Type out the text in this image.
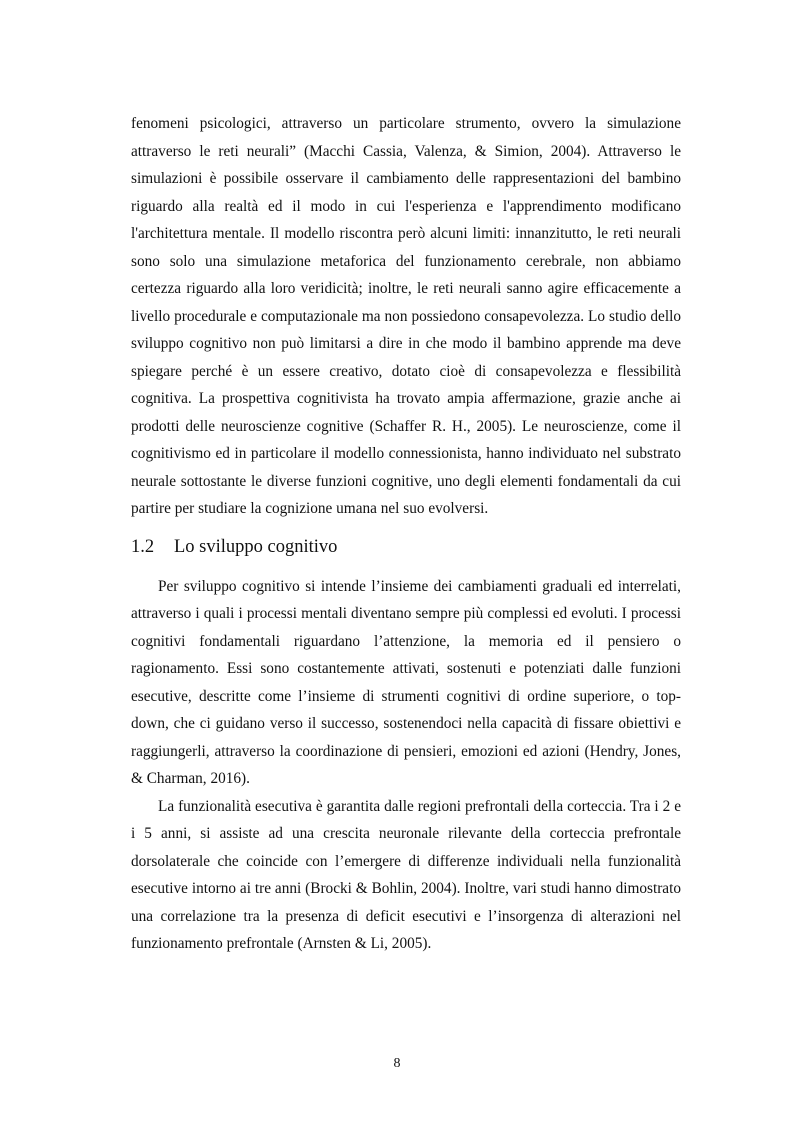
fenomeni psicologici, attraverso un particolare strumento, ovvero la simulazione attraverso le reti neurali” (Macchi Cassia, Valenza, & Simion, 2004). Attraverso le simulazioni è possibile osservare il cambiamento delle rappresentazioni del bambino riguardo alla realtà ed il modo in cui l'esperienza e l'apprendimento modificano l'architettura mentale. Il modello riscontra però alcuni limiti: innanzitutto, le reti neurali sono solo una simulazione metaforica del funzionamento cerebrale, non abbiamo certezza riguardo alla loro veridicità; inoltre, le reti neurali sanno agire efficacemente a livello procedurale e computazionale ma non possiedono consapevolezza. Lo studio dello sviluppo cognitivo non può limitarsi a dire in che modo il bambino apprende ma deve spiegare perché è un essere creativo, dotato cioè di consapevolezza e flessibilità cognitiva. La prospettiva cognitivista ha trovato ampia affermazione, grazie anche ai prodotti delle neuroscienze cognitive (Schaffer R. H., 2005). Le neuroscienze, come il cognitivismo ed in particolare il modello connessionista, hanno individuato nel substrato neurale sottostante le diverse funzioni cognitive, uno degli elementi fondamentali da cui partire per studiare la cognizione umana nel suo evolversi.

1.2	Lo sviluppo cognitivo

Per sviluppo cognitivo si intende l’insieme dei cambiamenti graduali ed interrelati, attraverso i quali i processi mentali diventano sempre più complessi ed evoluti. I processi cognitivi fondamentali riguardano l’attenzione, la memoria ed il pensiero o ragionamento. Essi sono costantemente attivati, sostenuti e potenziati dalle funzioni esecutive, descritte come l’insieme di strumenti cognitivi di ordine superiore, o top-down, che ci guidano verso il successo, sostenendoci nella capacità di fissare obiettivi e raggiungerli, attraverso la coordinazione di pensieri, emozioni ed azioni (Hendry, Jones, & Charman, 2016).

La funzionalità esecutiva è garantita dalle regioni prefrontali della corteccia. Tra i 2 e i 5 anni, si assiste ad una crescita neuronale rilevante della corteccia prefrontale dorsolaterale che coincide con l’emergere di differenze individuali nella funzionalità esecutive intorno ai tre anni (Brocki & Bohlin, 2004). Inoltre, vari studi hanno dimostrato una correlazione tra la presenza di deficit esecutivi e l’insorgenza di alterazioni nel funzionamento prefrontale (Arnsten & Li, 2005).

8
